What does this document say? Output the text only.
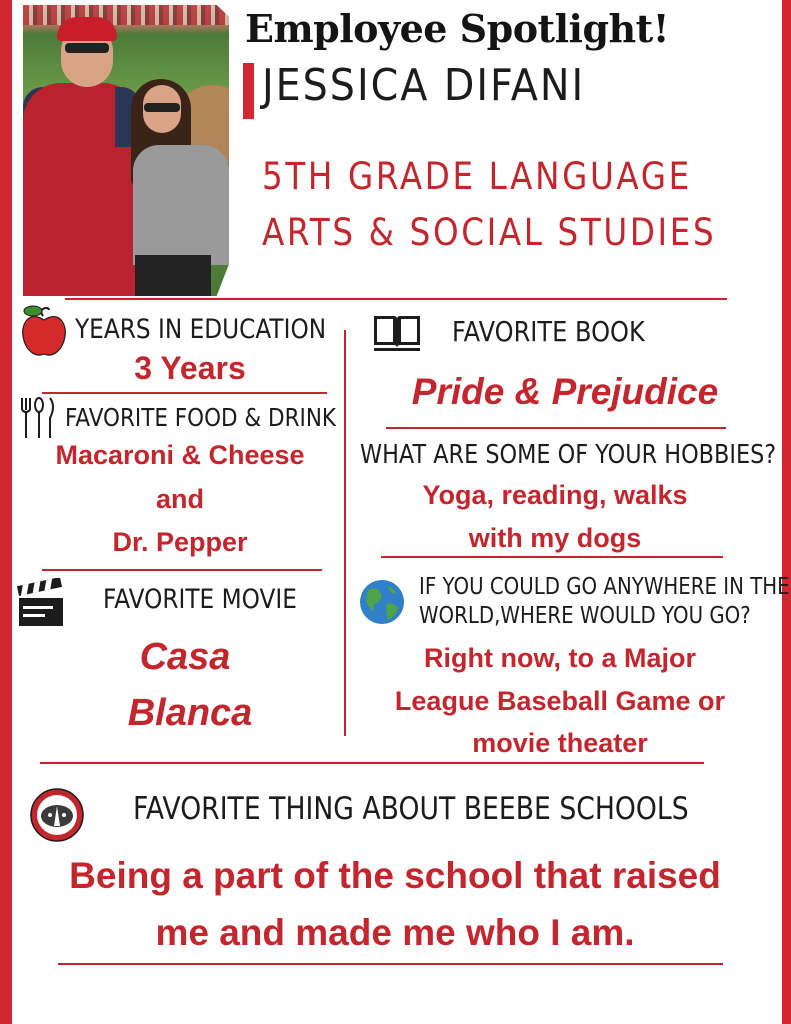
Employee Spotlight!
JESSICA DIFANI
5TH GRADE LANGUAGE
ARTS & SOCIAL STUDIES
YEARS IN EDUCATION
3 Years
FAVORITE FOOD & DRINK
Macaroni & Cheese
and
Dr. Pepper
FAVORITE MOVIE
Casa
Blanca
FAVORITE BOOK
Pride & Prejudice
WHAT ARE SOME OF YOUR HOBBIES?
Yoga, reading, walks
with my dogs
IF YOU COULD GO ANYWHERE IN THE
WORLD,WHERE WOULD YOU GO?
Right now, to a Major
League Baseball Game or
movie theater
FAVORITE THING ABOUT BEEBE SCHOOLS
Being a part of the school that raised
me and made me who I am.
